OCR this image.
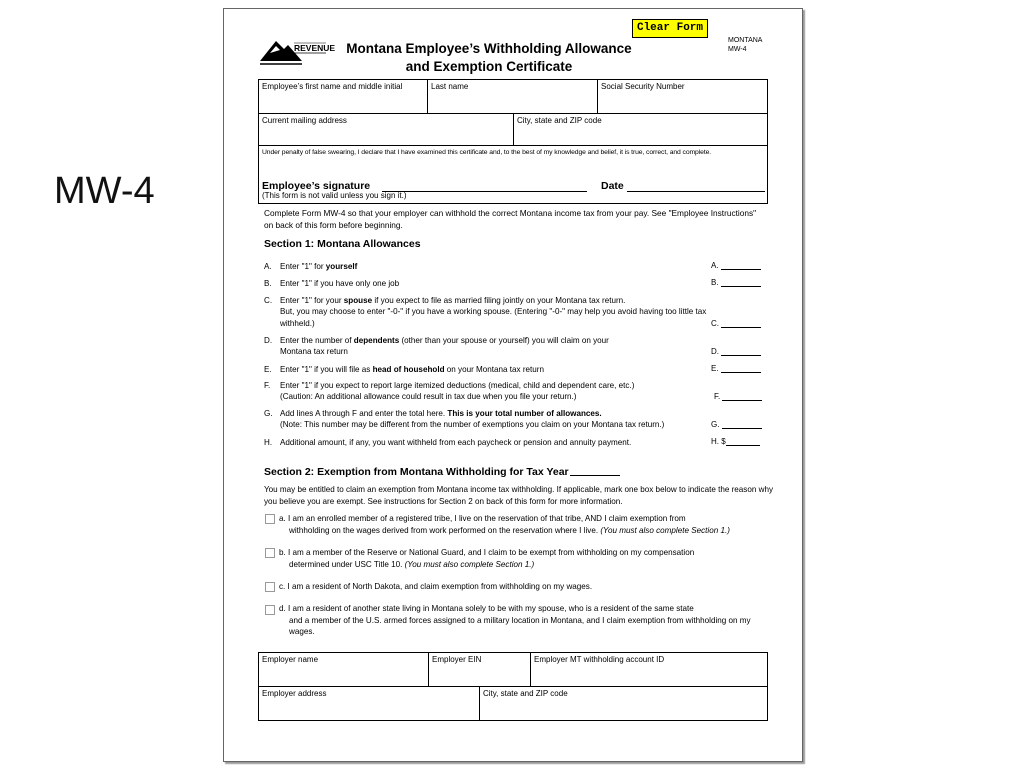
MW-4
Clear Form
MONTANA
MW-4
REVENUE Montana Employee’s Withholding Allowance
and Exemption Certificate
Employee’s first name and middle initial	Last name	Social Security Number
Current mailing address	City, state and ZIP code
Under penalty of false swearing, I declare that I have examined this certificate and, to the best of my knowledge and belief, it is true, correct, and complete.
Employee’s signature	Date
(This form is not valid unless you sign it.)
Complete Form MW-4 so that your employer can withhold the correct Montana income tax from your pay. See "Employee Instructions" on back of this form before beginning.
Section 1: Montana Allowances
A. Enter "1" for yourself	A.
B. Enter "1" if you have only one job	B.
C. Enter "1" for your spouse if you expect to file as married filing jointly on your Montana tax return.
But, you may choose to enter "-0-" if you have a working spouse. (Entering "-0-" may help you avoid having too little tax withheld.)	C.
D. Enter the number of dependents (other than your spouse or yourself) you will claim on your
Montana tax return	D.
E. Enter "1" if you will file as head of household on your Montana tax return	E.
F. Enter "1" if you expect to report large itemized deductions (medical, child and dependent care, etc.)
(Caution: An additional allowance could result in tax due when you file your return.)	F.
G. Add lines A through F and enter the total here. This is your total number of allowances.
(Note: This number may be different from the number of exemptions you claim on your Montana tax return.)	G.
H. Additional amount, if any, you want withheld from each paycheck or pension and annuity payment.	H. $
Section 2: Exemption from Montana Withholding for Tax Year
You may be entitled to claim an exemption from Montana income tax withholding. If applicable, mark one box below to indicate the reason why you believe you are exempt. See instructions for Section 2 on back of this form for more information.
a. I am an enrolled member of a registered tribe, I live on the reservation of that tribe, AND I claim exemption from
withholding on the wages derived from work performed on the reservation where I live. (You must also complete Section 1.)
b. I am a member of the Reserve or National Guard, and I claim to be exempt from withholding on my compensation
determined under USC Title 10. (You must also complete Section 1.)
c. I am a resident of North Dakota, and claim exemption from withholding on my wages.
d. I am a resident of another state living in Montana solely to be with my spouse, who is a resident of the same state
and a member of the U.S. armed forces assigned to a military location in Montana, and I claim exemption from withholding on my wages.
Employer name	Employer EIN	Employer MT withholding account ID
Employer address	City, state and ZIP code
